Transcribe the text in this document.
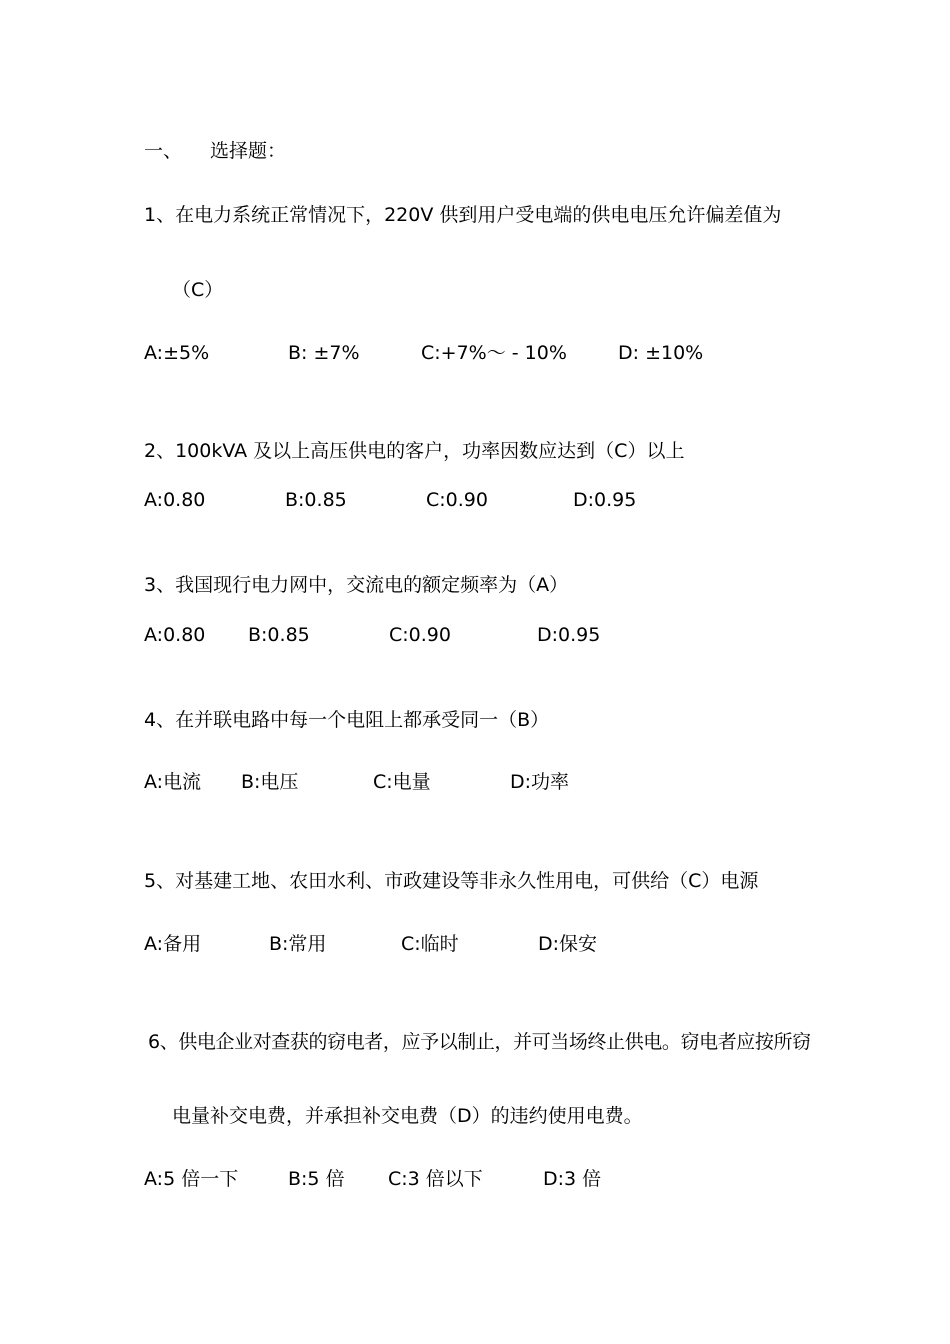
一、 选择题：
1、在电力系统正常情况下，220V 供到用户受电端的供电电压允许偏差值为
（C）
A:±5%	B: ±7%	C:+7%～ - 10%	D: ±10%
2、100kVA 及以上高压供电的客户，功率因数应达到（C）以上
A:0.80	B:0.85	C:0.90	D:0.95
3、我国现行电力网中，交流电的额定频率为（A）
A:0.80 B:0.85	C:0.90	D:0.95
4、在并联电路中每一个电阻上都承受同一（B）
A:电流 B:电压	C:电量	D:功率
5、对基建工地、农田水利、市政建设等非永久性用电，可供给（C）电源
A:备用	B:常用	C:临时	D:保安
6、供电企业对查获的窃电者，应予以制止，并可当场终止供电。窃电者应按所窃
电量补交电费，并承担补交电费（D）的违约使用电费。
A:5 倍一下	B:5 倍 C:3 倍以下	D:3 倍
